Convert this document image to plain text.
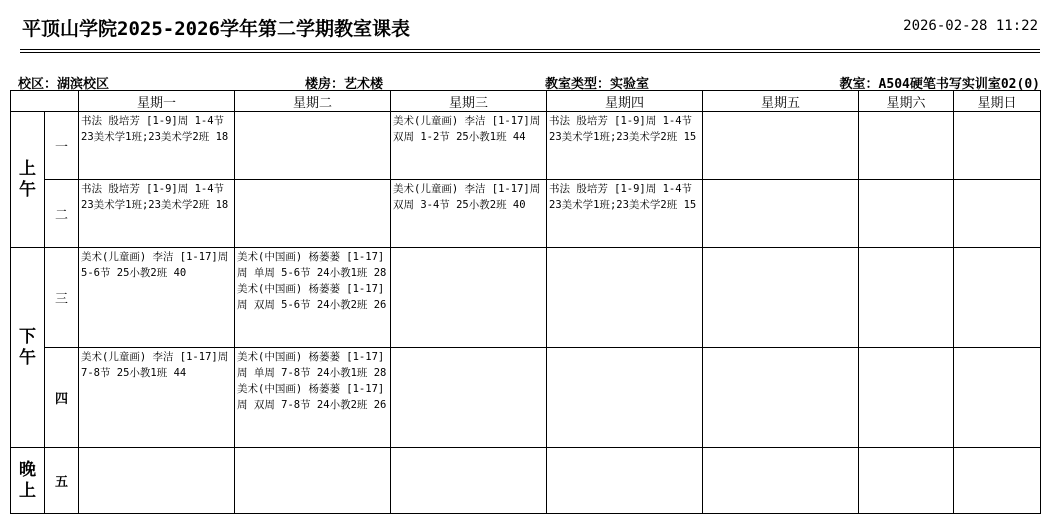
平顶山学院2025-2026学年第二学期教室课表	2026-02-28 11:22
校区：湖滨校区	楼房：艺术楼	教室类型：实验室	教室：A504硬笔书写实训室02(0)
		星期一	星期二	星期三	星期四	星期五	星期六	星期日

上
午	一	书法 殷培芳 [1-9]周 1-4节 23美术学1班;23美术学2班 18		美术(儿童画) 李洁 [1-17]周 双周 1-2节 25小教1班 44	书法 殷培芳 [1-9]周 1-4节 23美术学1班;23美术学2班 15			
	二	书法 殷培芳 [1-9]周 1-4节 23美术学1班;23美术学2班 18		美术(儿童画) 李洁 [1-17]周 双周 3-4节 25小教2班 40	书法 殷培芳 [1-9]周 1-4节 23美术学1班;23美术学2班 15			

下
午	三	美术(儿童画) 李洁 [1-17]周 5-6节 25小教2班 40	美术(中国画) 杨蒌蒌 [1-17]周 单周 5-6节 24小教1班 28
美术(中国画) 杨蒌蒌 [1-17]周 双周 5-6节 24小教2班 26					

	四	美术(儿童画) 李洁 [1-17]周 7-8节 25小教1班 44	美术(中国画) 杨蒌蒌 [1-17]周 单周 7-8节 24小教1班 28
美术(中国画) 杨蒌蒌 [1-17]周 双周 7-8节 24小教2班 26					

晚
上	五							
